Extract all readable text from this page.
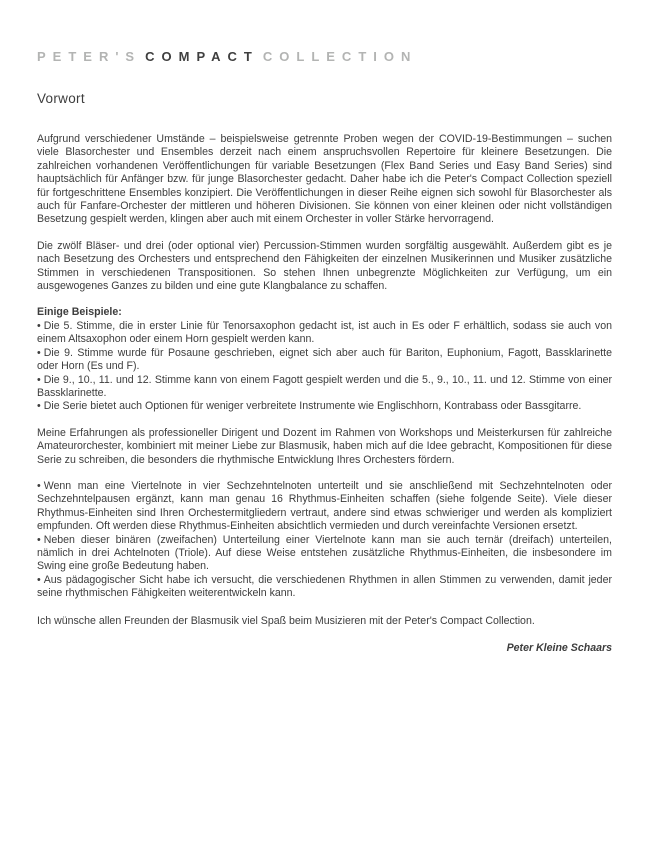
PETER'S COMPACT COLLECTION
Vorwort

Aufgrund verschiedener Umstände – beispielsweise getrennte Proben wegen der COVID-19-Bestimmungen – suchen viele Blasorchester und Ensembles derzeit nach einem anspruchsvollen Repertoire für kleinere Besetzungen. Die zahlreichen vorhandenen Veröffentlichungen für variable Besetzungen (Flex Band Series und Easy Band Series) sind hauptsächlich für Anfänger bzw. für junge Blasorchester gedacht. Daher habe ich die Peter's Compact Collection speziell für fortgeschrittene Ensembles konzipiert. Die Veröffentlichungen in dieser Reihe eignen sich sowohl für Blasorchester als auch für Fanfare-Orchester der mittleren und höheren Divisionen. Sie können von einer kleinen oder nicht vollständigen Besetzung gespielt werden, klingen aber auch mit einem Orchester in voller Stärke hervorragend.

Die zwölf Bläser- und drei (oder optional vier) Percussion-Stimmen wurden sorgfältig ausgewählt. Außerdem gibt es je nach Besetzung des Orchesters und entsprechend den Fähigkeiten der einzelnen Musikerinnen und Musiker zusätzliche Stimmen in verschiedenen Transpositionen. So stehen Ihnen unbegrenzte Möglichkeiten zur Verfügung, um ein ausgewogenes Ganzes zu bilden und eine gute Klangbalance zu schaffen.

Einige Beispiele:

• Die 5. Stimme, die in erster Linie für Tenorsaxophon gedacht ist, ist auch in Es oder F erhältlich, sodass sie auch von einem Altsaxophon oder einem Horn gespielt werden kann.

• Die 9. Stimme wurde für Posaune geschrieben, eignet sich aber auch für Bariton, Euphonium, Fagott, Bassklarinette oder Horn (Es und F).

• Die 9., 10., 11. und 12. Stimme kann von einem Fagott gespielt werden und die 5., 9., 10., 11. und 12. Stimme von einer Bassklarinette.

• Die Serie bietet auch Optionen für weniger verbreitete Instrumente wie Englischhorn, Kontrabass oder Bassgitarre.

Meine Erfahrungen als professioneller Dirigent und Dozent im Rahmen von Workshops und Meisterkursen für zahlreiche Amateurorchester, kombiniert mit meiner Liebe zur Blasmusik, haben mich auf die Idee gebracht, Kompositionen für diese Serie zu schreiben, die besonders die rhythmische Entwicklung Ihres Orchesters fördern.

• Wenn man eine Viertelnote in vier Sechzehntelnoten unterteilt und sie anschließend mit Sechzehntelnoten oder Sechzehntelpausen ergänzt, kann man genau 16 Rhythmus-Einheiten schaffen (siehe folgende Seite). Viele dieser Rhythmus-Einheiten sind Ihren Orchestermitgliedern vertraut, andere sind etwas schwieriger und werden als kompliziert empfunden. Oft werden diese Rhythmus-Einheiten absichtlich vermieden und durch vereinfachte Versionen ersetzt.

• Neben dieser binären (zweifachen) Unterteilung einer Viertelnote kann man sie auch ternär (dreifach) unterteilen, nämlich in drei Achtelnoten (Triole). Auf diese Weise entstehen zusätzliche Rhythmus-Einheiten, die insbesondere im Swing eine große Bedeutung haben.

• Aus pädagogischer Sicht habe ich versucht, die verschiedenen Rhythmen in allen Stimmen zu verwenden, damit jeder seine rhythmischen Fähigkeiten weiterentwickeln kann.

Ich wünsche allen Freunden der Blasmusik viel Spaß beim Musizieren mit der Peter's Compact Collection.

Peter Kleine Schaars
